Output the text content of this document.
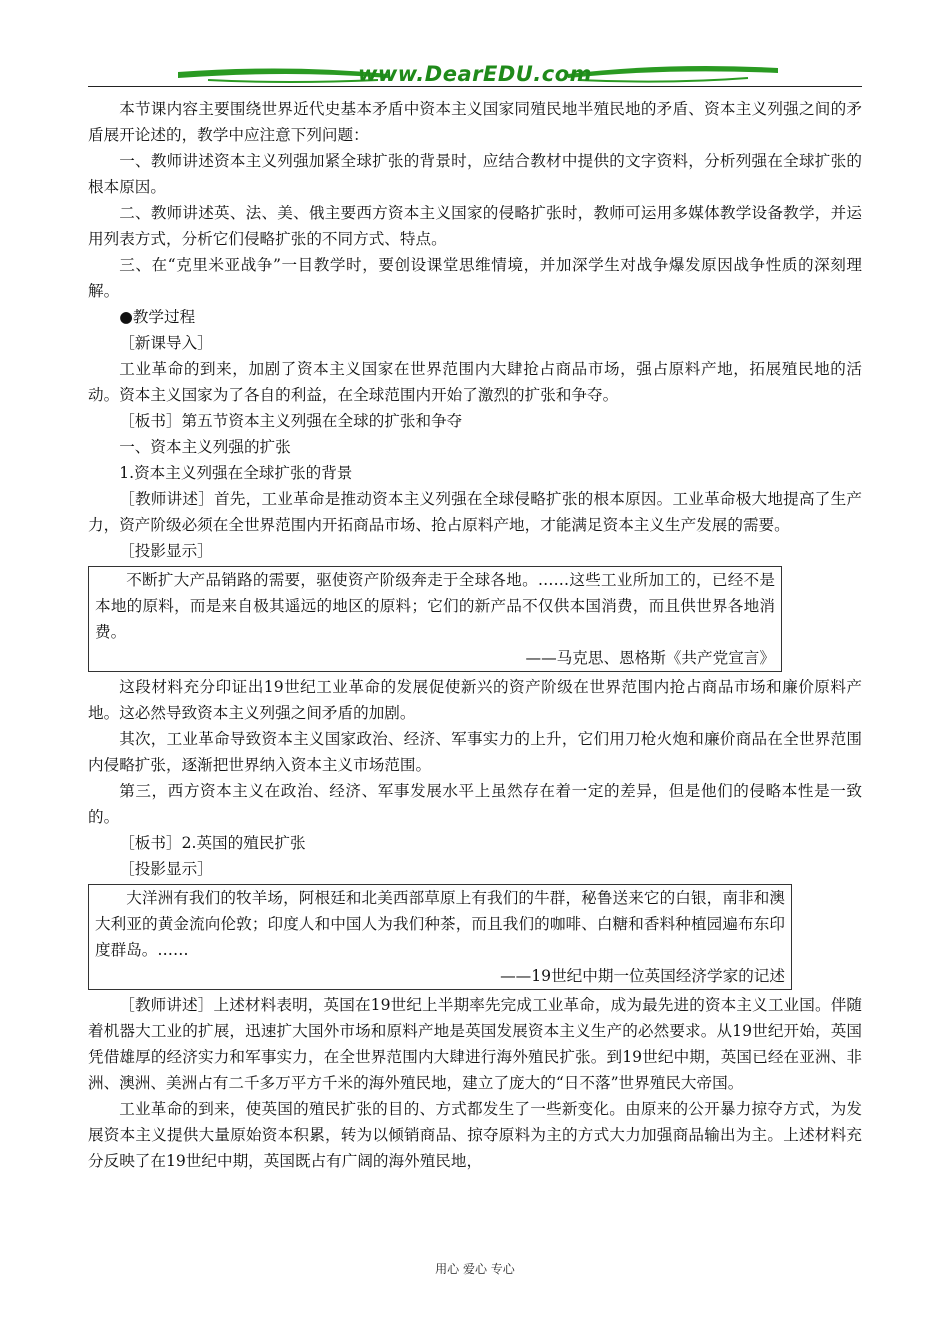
www.DearEDU.com

本节课内容主要围绕世界近代史基本矛盾中资本主义国家同殖民地半殖民地的矛盾、资本主义列强之间的矛盾展开论述的，教学中应注意下列问题：

一、教师讲述资本主义列强加紧全球扩张的背景时，应结合教材中提供的文字资料，分析列强在全球扩张的根本原因。

二、教师讲述英、法、美、俄主要西方资本主义国家的侵略扩张时，教师可运用多媒体教学设备教学，并运用列表方式，分析它们侵略扩张的不同方式、特点。

三、在“克里米亚战争”一目教学时，要创设课堂思维情境，并加深学生对战争爆发原因战争性质的深刻理解。

●教学过程

［新课导入］

工业革命的到来，加剧了资本主义国家在世界范围内大肆抢占商品市场，强占原料产地，拓展殖民地的活动。资本主义国家为了各自的利益，在全球范围内开始了激烈的扩张和争夺。

［板书］第五节资本主义列强在全球的扩张和争夺

一、资本主义列强的扩张

1.资本主义列强在全球扩张的背景

［教师讲述］首先，工业革命是推动资本主义列强在全球侵略扩张的根本原因。工业革命极大地提高了生产力，资产阶级必须在全世界范围内开拓商品市场、抢占原料产地，才能满足资本主义生产发展的需要。

［投影显示］

不断扩大产品销路的需要，驱使资产阶级奔走于全球各地。……这些工业所加工的，已经不是本地的原料，而是来自极其遥远的地区的原料；它们的新产品不仅供本国消费，而且供世界各地消费。

——马克思、恩格斯《共产党宣言》

这段材料充分印证出19世纪工业革命的发展促使新兴的资产阶级在世界范围内抢占商品市场和廉价原料产地。这必然导致资本主义列强之间矛盾的加剧。

其次，工业革命导致资本主义国家政治、经济、军事实力的上升，它们用刀枪火炮和廉价商品在全世界范围内侵略扩张，逐渐把世界纳入资本主义市场范围。

第三，西方资本主义在政治、经济、军事发展水平上虽然存在着一定的差异，但是他们的侵略本性是一致的。

［板书］2.英国的殖民扩张

［投影显示］

大洋洲有我们的牧羊场，阿根廷和北美西部草原上有我们的牛群，秘鲁送来它的白银，南非和澳大利亚的黄金流向伦敦；印度人和中国人为我们种茶，而且我们的咖啡、白糖和香料种植园遍布东印度群岛。……

——19世纪中期一位英国经济学家的记述

［教师讲述］上述材料表明，英国在19世纪上半期率先完成工业革命，成为最先进的资本主义工业国。伴随着机器大工业的扩展，迅速扩大国外市场和原料产地是英国发展资本主义生产的必然要求。从19世纪开始，英国凭借雄厚的经济实力和军事实力，在全世界范围内大肆进行海外殖民扩张。到19世纪中期，英国已经在亚洲、非洲、澳洲、美洲占有二千多万平方千米的海外殖民地，建立了庞大的“日不落”世界殖民大帝国。

工业革命的到来，使英国的殖民扩张的目的、方式都发生了一些新变化。由原来的公开暴力掠夺方式，为发展资本主义提供大量原始资本积累，转为以倾销商品、掠夺原料为主的方式大力加强商品输出为主。上述材料充分反映了在19世纪中期，英国既占有广阔的海外殖民地，

用心 爱心 专心
